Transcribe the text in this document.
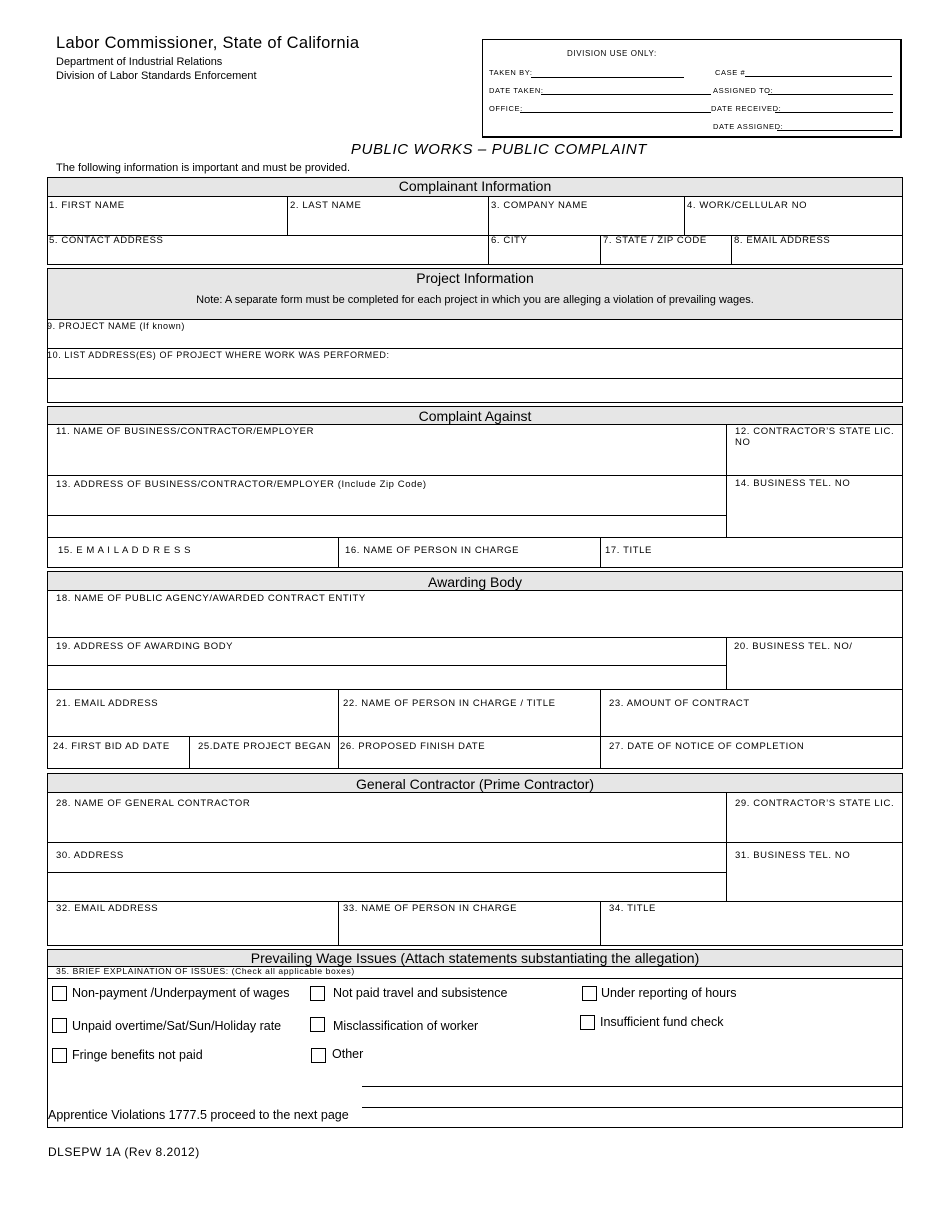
Labor Commissioner, State of California
Department of Industrial Relations
Division of Labor Standards Enforcement
DIVISION USE ONLY:
TAKEN BY:	CASE #
DATE TAKEN:	ASSIGNED TO:
OFFICE:	DATE RECEIVED:
DATE ASSIGNED:
PUBLIC WORKS – PUBLIC COMPLAINT
The following information is important and must be provided.
Complainant Information
1. FIRST NAME	2. LAST NAME	3. COMPANY NAME	4. WORK/CELLULAR NO
5. CONTACT ADDRESS	6. CITY	7. STATE / ZIP CODE	8. EMAIL ADDRESS
Project Information
Note: A separate form must be completed for each project in which you are alleging a violation of prevailing wages.
9. PROJECT NAME (If known)
10. LIST ADDRESS(ES) OF PROJECT WHERE WORK WAS PERFORMED:
Complaint Against
11. NAME OF BUSINESS/CONTRACTOR/EMPLOYER	12. CONTRACTOR’S STATE LIC.
NO
13. ADDRESS OF BUSINESS/CONTRACTOR/EMPLOYER (Include Zip Code)	14. BUSINESS TEL. NO
15. E M A I L A D D R E S S	16. NAME OF PERSON IN CHARGE	17. TITLE
Awarding Body
18. NAME OF PUBLIC AGENCY/AWARDED CONTRACT ENTITY
19. ADDRESS OF AWARDING BODY	20. BUSINESS TEL. NO/
21. EMAIL ADDRESS	22. NAME OF PERSON IN CHARGE / TITLE	23. AMOUNT OF CONTRACT
24. FIRST BID AD DATE	25.DATE PROJECT BEGAN 26. PROPOSED FINISH DATE	27. DATE OF NOTICE OF COMPLETION
General Contractor (Prime Contractor)
28. NAME OF GENERAL CONTRACTOR	29. CONTRACTOR’S STATE LIC.
30. ADDRESS	31. BUSINESS TEL. NO
32. EMAIL ADDRESS	33. NAME OF PERSON IN CHARGE	34. TITLE
Prevailing Wage Issues (Attach statements substantiating the allegation)
35. BRIEF EXPLAINATION OF ISSUES: (Check all applicable boxes)
Non-payment /Underpayment of wages	Not paid travel and subsistence	Under reporting of hours
Unpaid overtime/Sat/Sun/Holiday rate	Misclassification of worker	Insufficient fund check
Fringe benefits not paid	Other
Apprentice Violations 1777.5 proceed to the next page
DLSEPW 1A (Rev 8.2012)
